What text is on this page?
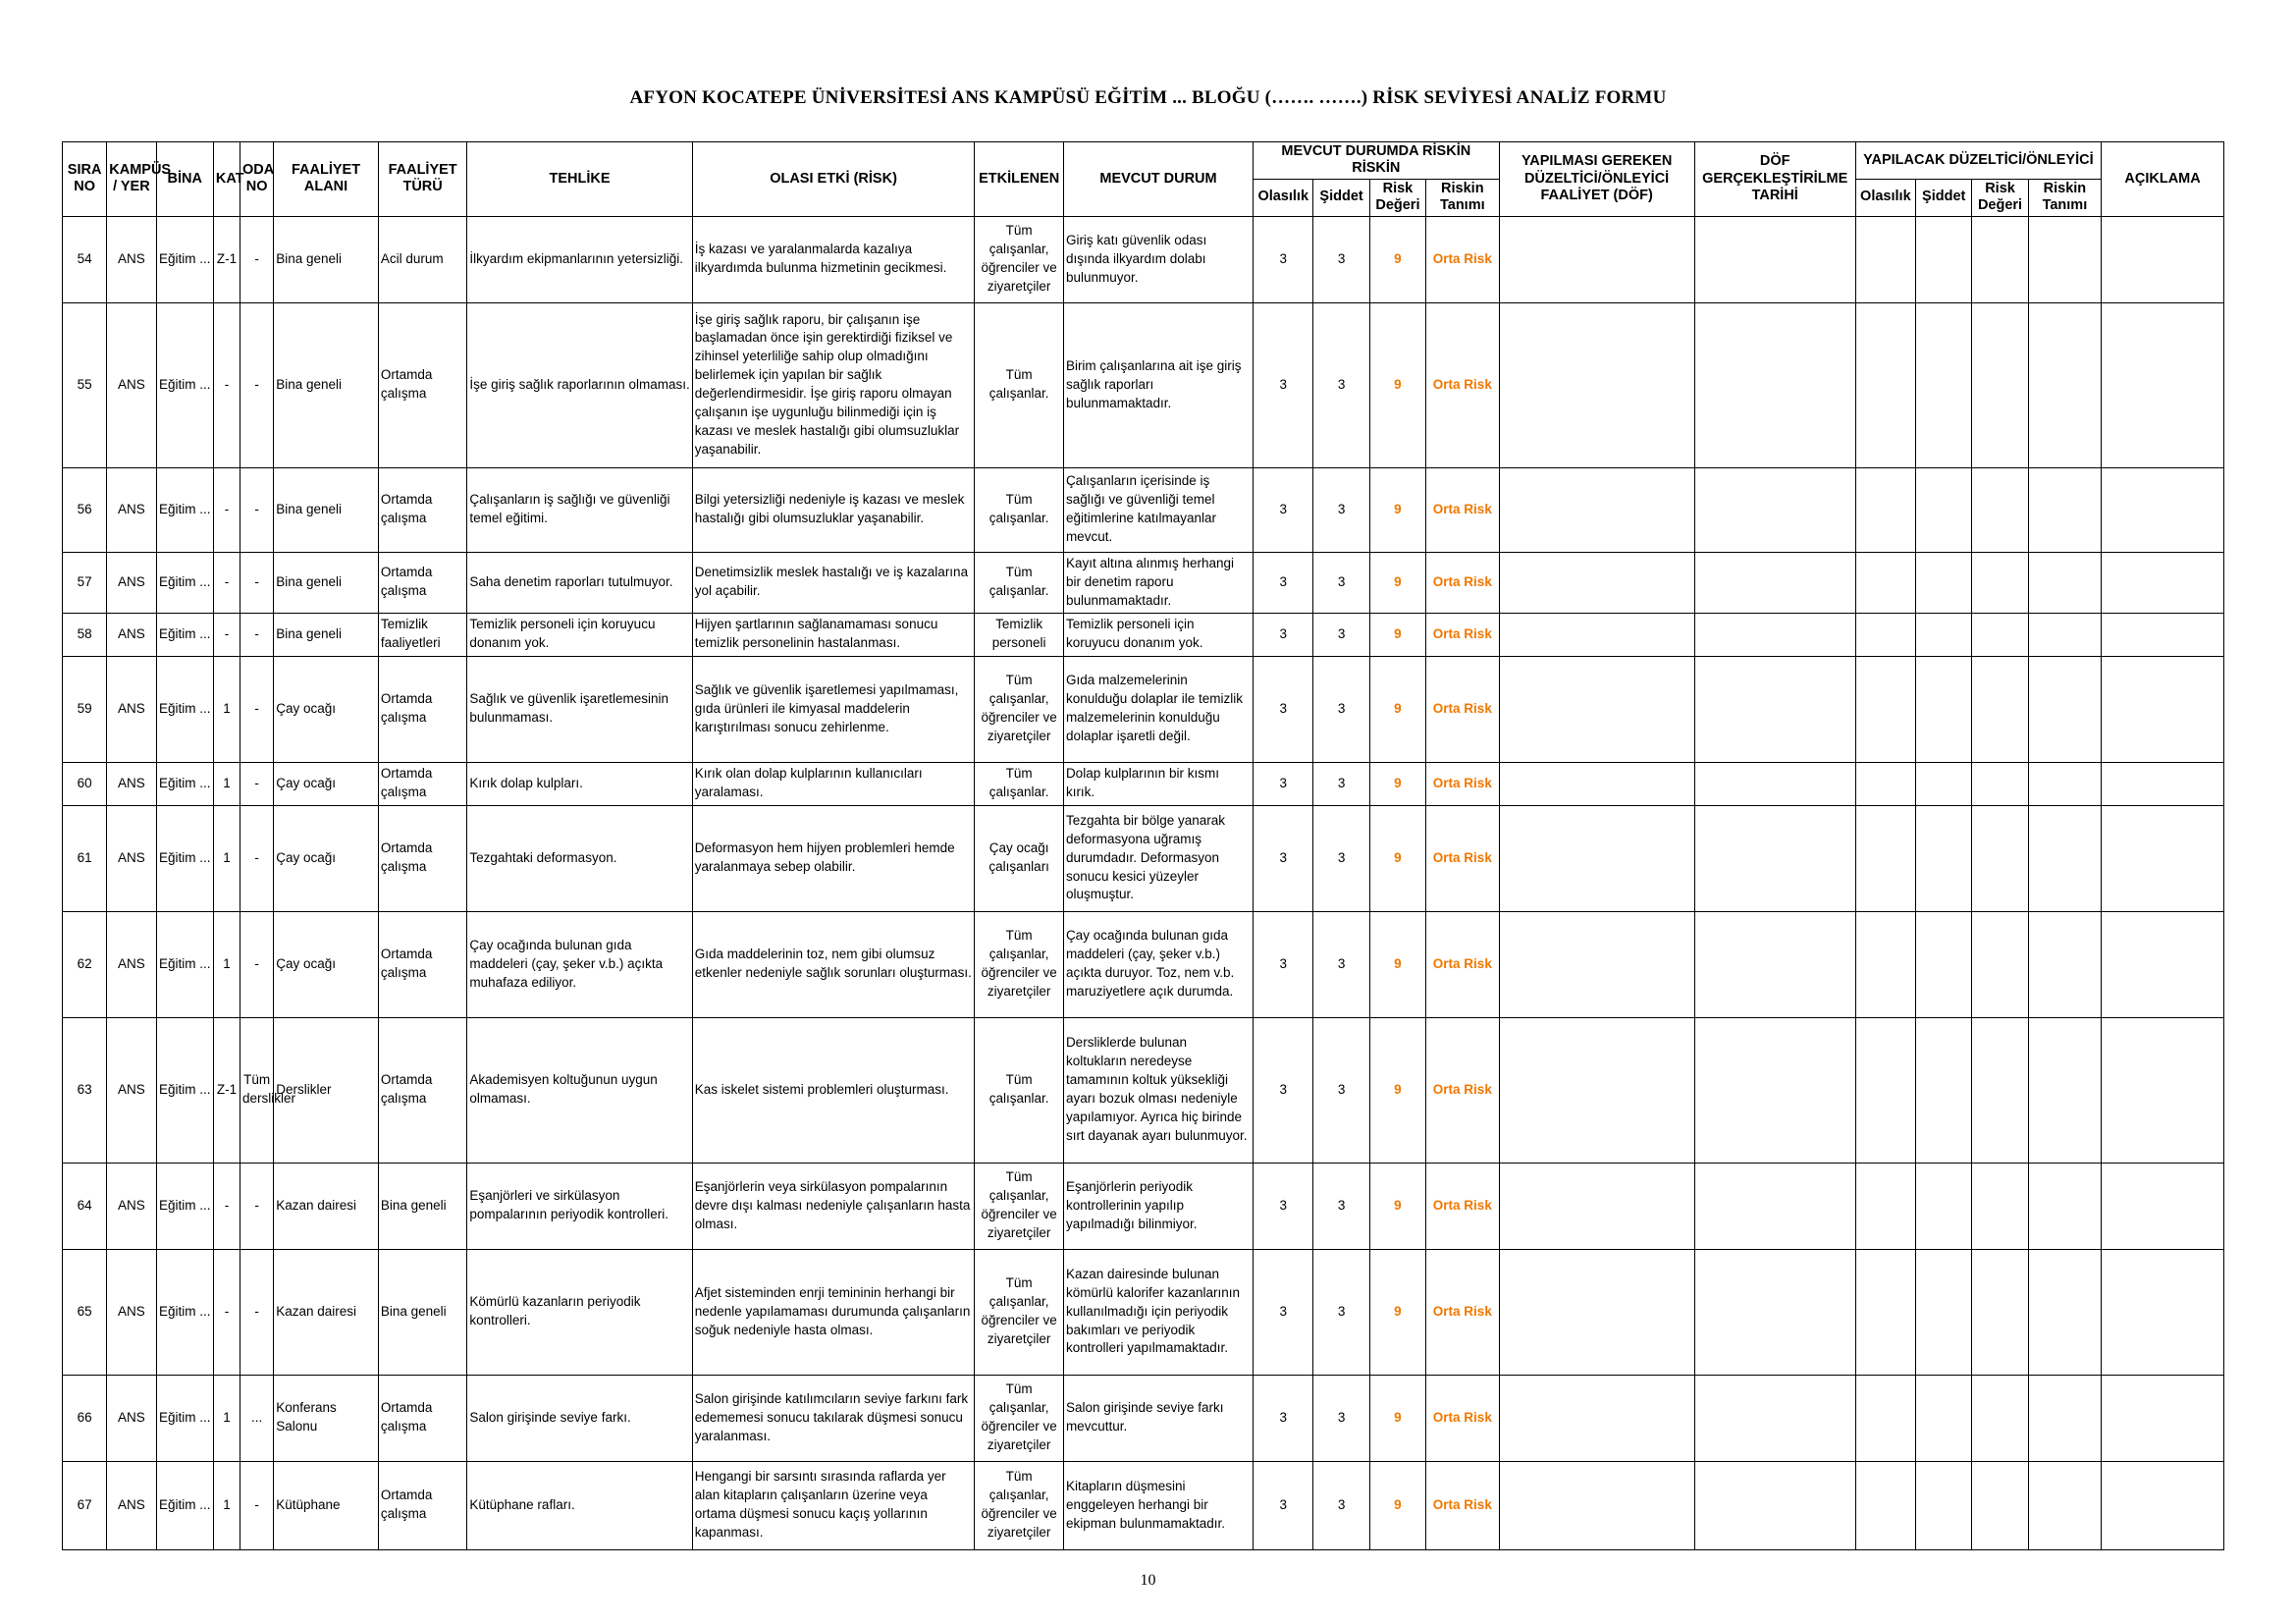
AFYON KOCATEPE ÜNİVERSİTESİ ANS KAMPÜSÜ EĞİTİM ... BLOĞU (……. …….) RİSK SEVİYESİ ANALİZ FORMU
SIRA NO	KAMPÜS / YER	BİNA	KAT	ODA NO	FAALİYET ALANI	FAALİYET TÜRÜ	TEHLİKE	OLASI ETKİ (RİSK)	ETKİLENEN	MEVCUT DURUM	MEVCUT DURUMDA RİSKİN RİSKİN				YAPILMASI GEREKEN DÜZELTİCİ/ÖNLEYİCİ FAALİYET (DÖF)	DÖF GERÇEKLEŞTİRİLME TARİHİ	YAPILACAK DÜZELTİCİ/ÖNLEYİCİ				AÇIKLAMA
											Olasılık	Şiddet	Risk Değeri	Riskin Tanımı			Olasılık	Şiddet	Risk Değeri	Riskin Tanımı	
54	ANS	Eğitim ...	Z-1	-	Bina geneli	Acil durum	İlkyardım ekipmanlarının yetersizliği.	İş kazası ve yaralanmalarda kazalıya ilkyardımda bulunma hizmetinin gecikmesi.	Tüm çalışanlar, öğrenciler ve ziyaretçiler	Giriş katı güvenlik odası dışında ilkyardım dolabı bulunmuyor.	3	3	9	Orta Risk							
55	ANS	Eğitim ...	-	-	Bina geneli	Ortamda çalışma	İşe giriş sağlık raporlarının olmaması.	İşe giriş sağlık raporu, bir çalışanın işe başlamadan önce işin gerektirdiği fiziksel ve zihinsel yeterliliğe sahip olup olmadığını belirlemek için yapılan bir sağlık değerlendirmesidir. İşe giriş raporu olmayan çalışanın işe uygunluğu bilinmediği için iş kazası ve meslek hastalığı gibi olumsuzluklar yaşanabilir.	Tüm çalışanlar.	Birim çalışanlarına ait işe giriş sağlık raporları bulunmamaktadır.	3	3	9	Orta Risk							
56	ANS	Eğitim ...	-	-	Bina geneli	Ortamda çalışma	Çalışanların iş sağlığı ve güvenliği temel eğitimi.	Bilgi yetersizliği nedeniyle iş kazası ve meslek hastalığı gibi olumsuzluklar yaşanabilir.	Tüm çalışanlar.	Çalışanların içerisinde iş sağlığı ve güvenliği temel eğitimlerine katılmayanlar mevcut.	3	3	9	Orta Risk							
57	ANS	Eğitim ...	-	-	Bina geneli	Ortamda çalışma	Saha denetim raporları tutulmuyor.	Denetimsizlik meslek hastalığı ve iş kazalarına yol açabilir.	Tüm çalışanlar.	Kayıt altına alınmış herhangi bir denetim raporu bulunmamaktadır.	3	3	9	Orta Risk							
58	ANS	Eğitim ...	-	-	Bina geneli	Temizlik faaliyetleri	Temizlik personeli için koruyucu donanım yok.	Hijyen şartlarının sağlanamaması sonucu temizlik personelinin hastalanması.	Temizlik personeli	Temizlik personeli için koruyucu donanım yok.	3	3	9	Orta Risk							
59	ANS	Eğitim ...	1	-	Çay ocağı	Ortamda çalışma	Sağlık ve güvenlik işaretlemesinin bulunmaması.	Sağlık ve güvenlik işaretlemesi yapılmaması, gıda ürünleri ile kimyasal maddelerin karıştırılması sonucu zehirlenme.	Tüm çalışanlar, öğrenciler ve ziyaretçiler	Gıda malzemelerinin konulduğu dolaplar ile temizlik malzemelerinin konulduğu dolaplar işaretli değil.	3	3	9	Orta Risk							
60	ANS	Eğitim ...	1	-	Çay ocağı	Ortamda çalışma	Kırık dolap kulpları.	Kırık olan dolap kulplarının kullanıcıları yaralaması.	Tüm çalışanlar.	Dolap kulplarının bir kısmı kırık.	3	3	9	Orta Risk							
61	ANS	Eğitim ...	1	-	Çay ocağı	Ortamda çalışma	Tezgahtaki deformasyon.	Deformasyon hem hijyen problemleri hemde yaralanmaya sebep olabilir.	Çay ocağı çalışanları	Tezgahta bir bölge yanarak deformasyona uğramış durumdadır. Deformasyon sonucu kesici yüzeyler oluşmuştur.	3	3	9	Orta Risk							
62	ANS	Eğitim ...	1	-	Çay ocağı	Ortamda çalışma	Çay ocağında bulunan gıda maddeleri (çay, şeker v.b.) açıkta muhafaza ediliyor.	Gıda maddelerinin toz, nem gibi olumsuz etkenler nedeniyle sağlık sorunları oluşturması.	Tüm çalışanlar, öğrenciler ve ziyaretçiler	Çay ocağında bulunan gıda maddeleri (çay, şeker v.b.) açıkta duruyor. Toz, nem v.b. maruziyetlere açık durumda.	3	3	9	Orta Risk							
63	ANS	Eğitim ...	Z-1	Tüm derslikler	Derslikler	Ortamda çalışma	Akademisyen koltuğunun uygun olmaması.	Kas iskelet sistemi problemleri oluşturması.	Tüm çalışanlar.	Dersliklerde bulunan koltukların neredeyse tamamının koltuk yüksekliği ayarı bozuk olması nedeniyle yapılamıyor. Ayrıca hiç birinde sırt dayanak ayarı bulunmuyor.	3	3	9	Orta Risk							
64	ANS	Eğitim ...	-	-	Kazan dairesi	Bina geneli	Eşanjörleri ve sirkülasyon pompalarının periyodik kontrolleri.	Eşanjörlerin veya sirkülasyon pompalarının devre dışı kalması nedeniyle çalışanların hasta olması.	Tüm çalışanlar, öğrenciler ve ziyaretçiler	Eşanjörlerin periyodik kontrollerinin yapılıp yapılmadığı bilinmiyor.	3	3	9	Orta Risk							
65	ANS	Eğitim ...	-	-	Kazan dairesi	Bina geneli	Kömürlü kazanların periyodik kontrolleri.	Afjet sisteminden enrji temininin herhangi bir nedenle yapılamaması durumunda çalışanların soğuk nedeniyle hasta olması.	Tüm çalışanlar, öğrenciler ve ziyaretçiler	Kazan dairesinde bulunan kömürlü kalorifer kazanlarının kullanılmadığı için periyodik bakımları ve periyodik kontrolleri yapılmamaktadır.	3	3	9	Orta Risk							
66	ANS	Eğitim ...	1	...	Konferans Salonu	Ortamda çalışma	Salon girişinde seviye farkı.	Salon girişinde katılımcıların seviye farkını fark edememesi sonucu takılarak düşmesi sonucu yaralanması.	Tüm çalışanlar, öğrenciler ve ziyaretçiler	Salon girişinde seviye farkı mevcuttur.	3	3	9	Orta Risk							
67	ANS	Eğitim ...	1	-	Kütüphane	Ortamda çalışma	Kütüphane rafları.	Hengangi bir sarsıntı sırasında raflarda yer alan kitapların çalışanların üzerine veya ortama düşmesi sonucu kaçış yollarının kapanması.	Tüm çalışanlar, öğrenciler ve ziyaretçiler	Kitapların düşmesini enggeleyen herhangi bir ekipman bulunmamaktadır.	3	3	9	Orta Risk							
10
